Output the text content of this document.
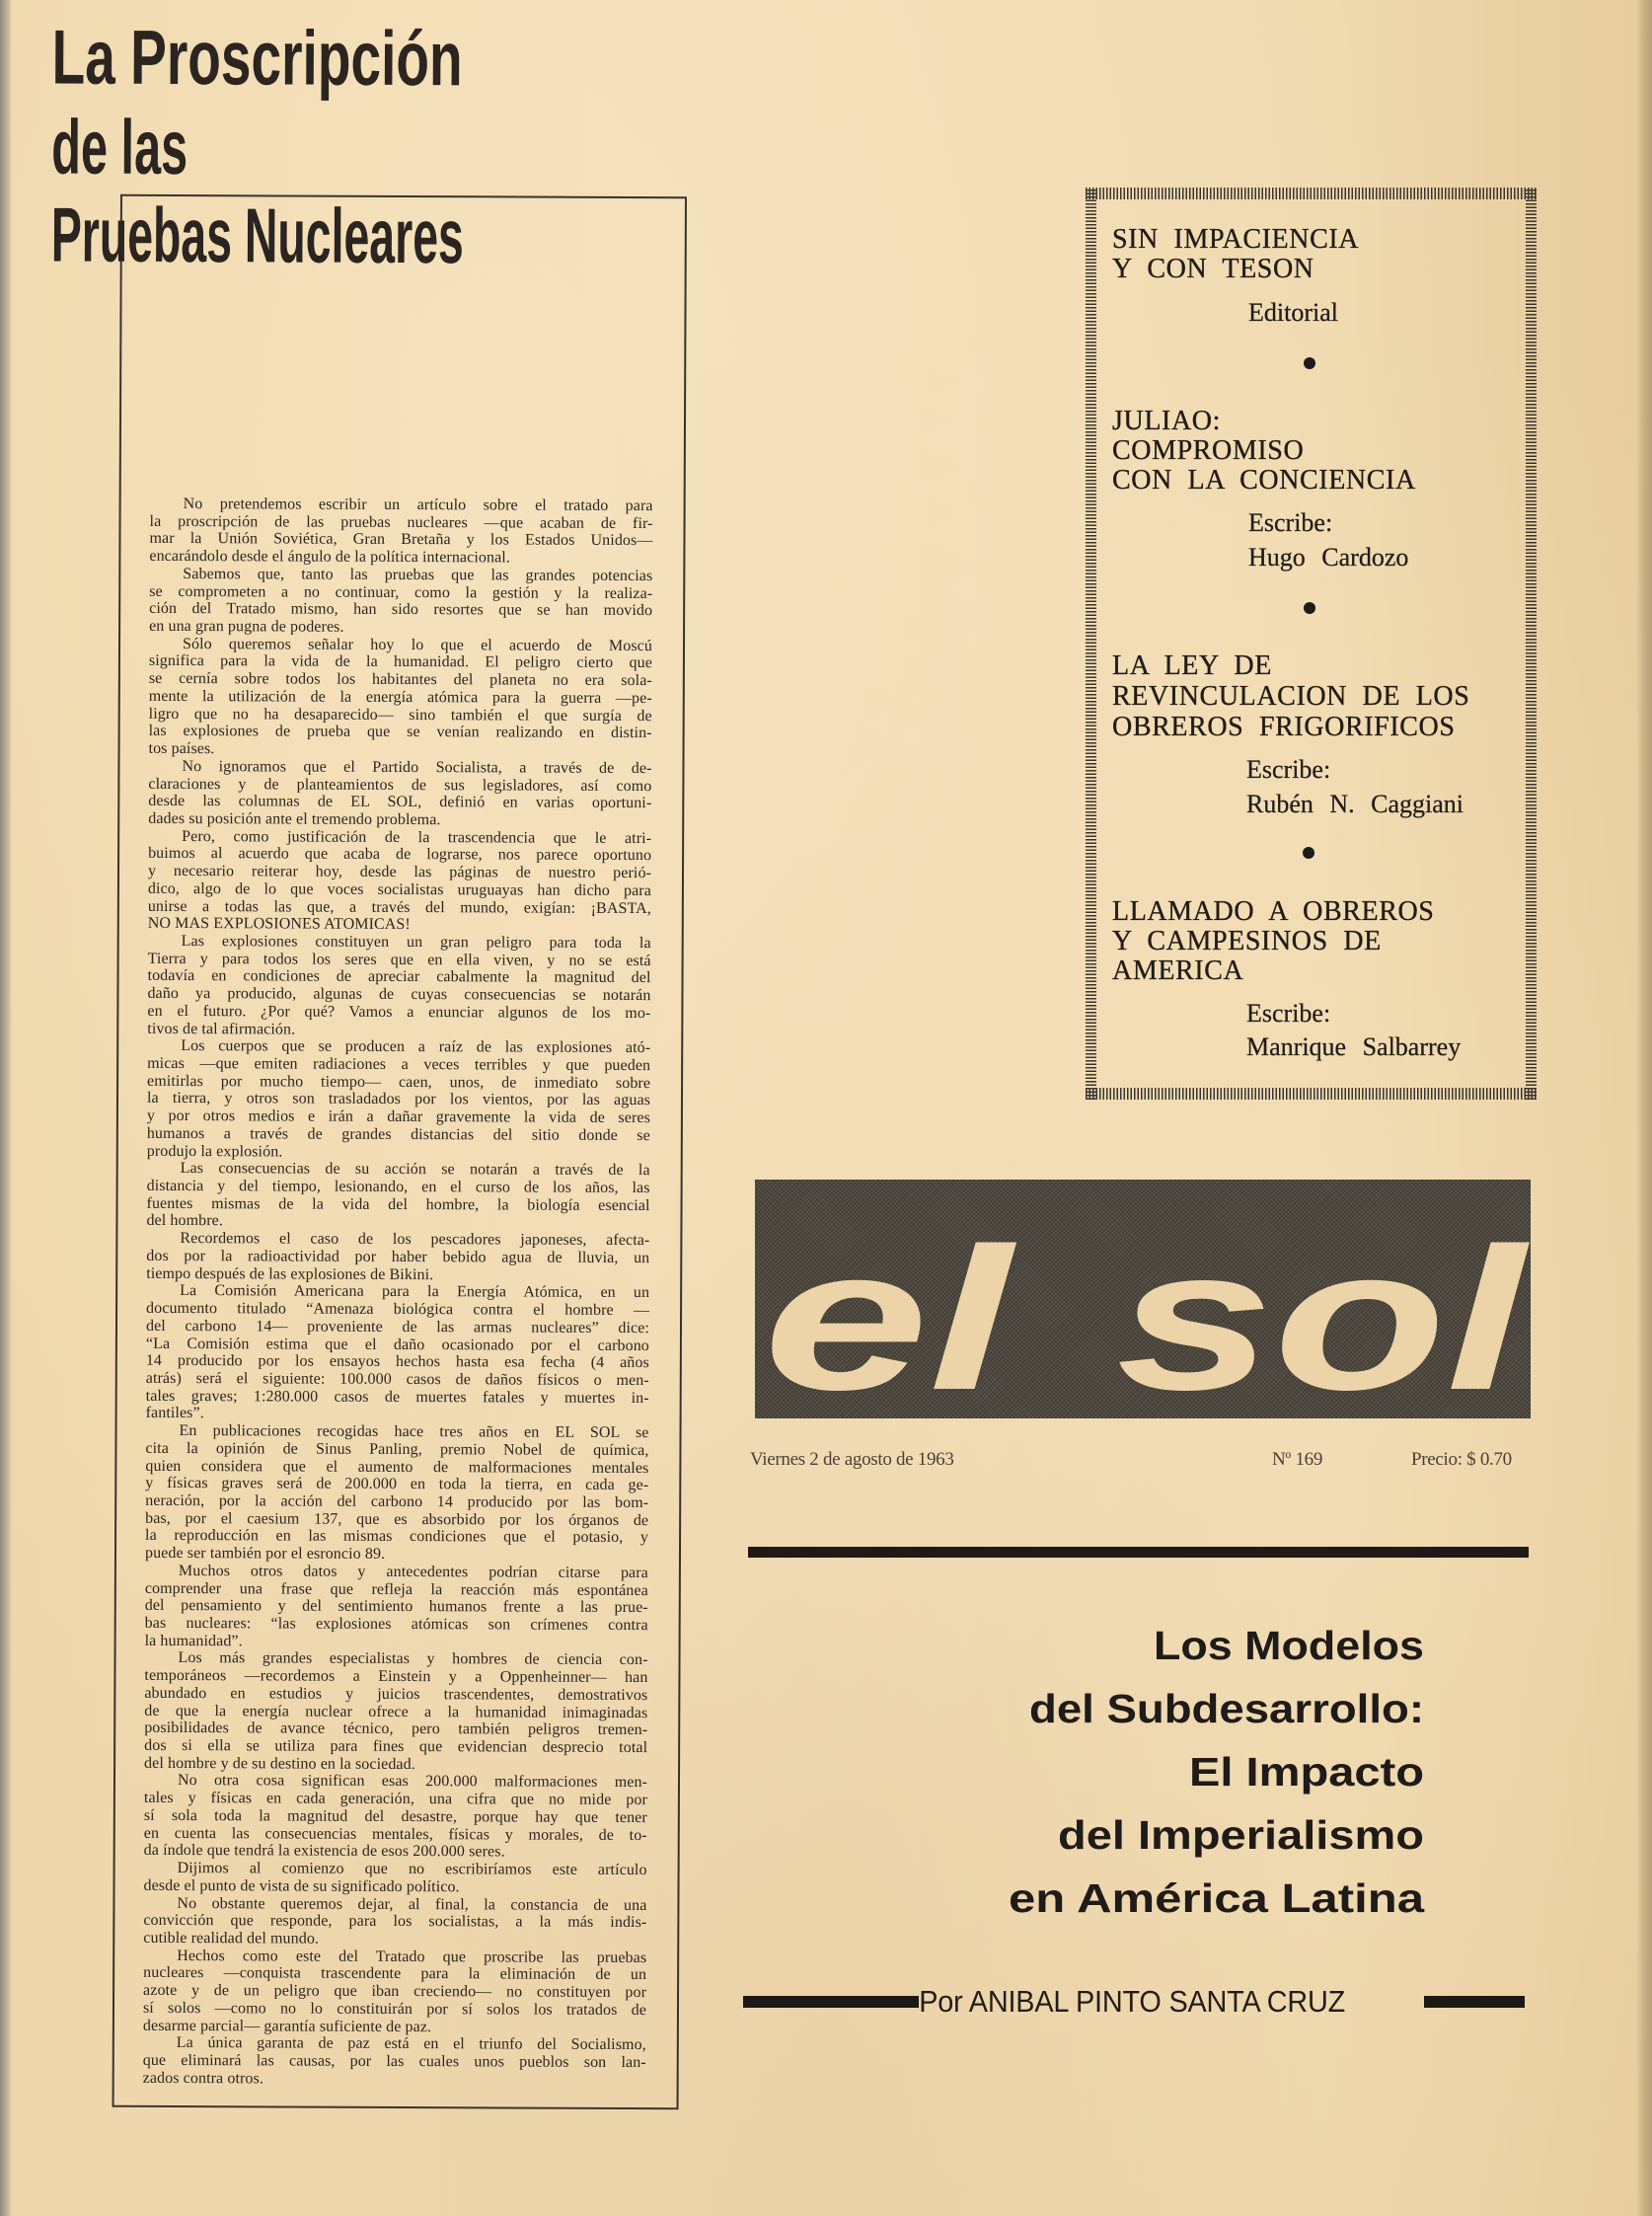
La Proscripción
de las
Pruebas Nucleares
No pretendemos escribir un artículo sobre el tratado para
la proscripción de las pruebas nucleares —que acaban de fir-
mar la Unión Soviética, Gran Bretaña y los Estados Unidos—
encarándolo desde el ángulo de la política internacional.
Sabemos que, tanto las pruebas que las grandes potencias
se comprometen a no continuar, como la gestión y la realiza-
ción del Tratado mismo, han sido resortes que se han movido
en una gran pugna de poderes.
Sólo queremos señalar hoy lo que el acuerdo de Moscú
significa para la vida de la humanidad. El peligro cierto que
se cernía sobre todos los habitantes del planeta no era sola-
mente la utilización de la energía atómica para la guerra —pe-
ligro que no ha desaparecido— sino también el que surgía de
las explosiones de prueba que se venían realizando en distin-
tos países.
No ignoramos que el Partido Socialista, a través de de-
claraciones y de planteamientos de sus legisladores, así como
desde las columnas de EL SOL, definió en varias oportuni-
dades su posición ante el tremendo problema.
Pero, como justificación de la trascendencia que le atri-
buimos al acuerdo que acaba de lograrse, nos parece oportuno
y necesario reiterar hoy, desde las páginas de nuestro perió-
dico, algo de lo que voces socialistas uruguayas han dicho para
unirse a todas las que, a través del mundo, exigían: ¡BASTA,
NO MAS EXPLOSIONES ATOMICAS!
Las explosiones constituyen un gran peligro para toda la
Tierra y para todos los seres que en ella viven, y no se está
todavía en condiciones de apreciar cabalmente la magnitud del
daño ya producido, algunas de cuyas consecuencias se notarán
en el futuro. ¿Por qué? Vamos a enunciar algunos de los mo-
tivos de tal afirmación.
Los cuerpos que se producen a raíz de las explosiones ató-
micas —que emiten radiaciones a veces terribles y que pueden
emitirlas por mucho tiempo— caen, unos, de inmediato sobre
la tierra, y otros son trasladados por los vientos, por las aguas
y por otros medios e irán a dañar gravemente la vida de seres
humanos a través de grandes distancias del sitio donde se
produjo la explosión.
Las consecuencias de su acción se notarán a través de la
distancia y del tiempo, lesionando, en el curso de los años, las
fuentes mismas de la vida del hombre, la biología esencial
del hombre.
Recordemos el caso de los pescadores japoneses, afecta-
dos por la radioactividad por haber bebido agua de lluvia, un
tiempo después de las explosiones de Bikini.
La Comisión Americana para la Energía Atómica, en un
documento titulado “Amenaza biológica contra el hombre —
del carbono 14— proveniente de las armas nucleares” dice:
“La Comisión estima que el daño ocasionado por el carbono
14 producido por los ensayos hechos hasta esa fecha (4 años
atrás) será el siguiente: 100.000 casos de daños físicos o men-
tales graves; 1:280.000 casos de muertes fatales y muertes in-
fantiles”.
En publicaciones recogidas hace tres años en EL SOL se
cita la opinión de Sinus Panling, premio Nobel de química,
quien considera que el aumento de malformaciones mentales
y físicas graves será de 200.000 en toda la tierra, en cada ge-
neración, por la acción del carbono 14 producido por las bom-
bas, por el caesium 137, que es absorbido por los órganos de
la reproducción en las mismas condiciones que el potasio, y
puede ser también por el esroncio 89.
Muchos otros datos y antecedentes podrían citarse para
comprender una frase que refleja la reacción más espontánea
del pensamiento y del sentimiento humanos frente a las prue-
bas nucleares: “las explosiones atómicas son crímenes contra
la humanidad”.
Los más grandes especialistas y hombres de ciencia con-
temporáneos —recordemos a Einstein y a Oppenheinner— han
abundado en estudios y juicios trascendentes, demostrativos
de que la energía nuclear ofrece a la humanidad inimaginadas
posibilidades de avance técnico, pero también peligros tremen-
dos si ella se utiliza para fines que evidencian desprecio total
del hombre y de su destino en la sociedad.
No otra cosa significan esas 200.000 malformaciones men-
tales y físicas en cada generación, una cifra que no mide por
sí sola toda la magnitud del desastre, porque hay que tener
en cuenta las consecuencias mentales, físicas y morales, de to-
da índole que tendrá la existencia de esos 200.000 seres.
Dijimos al comienzo que no escribiríamos este artículo
desde el punto de vista de su significado político.
No obstante queremos dejar, al final, la constancia de una
convicción que responde, para los socialistas, a la más indis-
cutible realidad del mundo.
Hechos como este del Tratado que proscribe las pruebas
nucleares —conquista trascendente para la eliminación de un
azote y de un peligro que iban creciendo— no constituyen por
sí solos —como no lo constituirán por sí solos los tratados de
desarme parcial— garantía suficiente de paz.
La única garanta de paz está en el triunfo del Socialismo,
que eliminará las causas, por las cuales unos pueblos son lan-
zados contra otros.
SIN IMPACIENCIA
Y CON TESON
Editorial
JULIAO:
COMPROMISO
CON LA CONCIENCIA
Escribe:
Hugo Cardozo
LA LEY DE
REVINCULACION DE LOS
OBREROS FRIGORIFICOS
Escribe:
Rubén N. Caggiani
LLAMADO A OBREROS
Y CAMPESINOS DE
AMERICA
Escribe:
Manrique Salbarrey
el sol
Viernes 2 de agosto de 1963	Nº 169	Precio: $ 0.70
Los Modelos
del Subdesarrollo:
El Impacto
del Imperialismo
en América Latina
Por ANIBAL PINTO SANTA CRUZ
